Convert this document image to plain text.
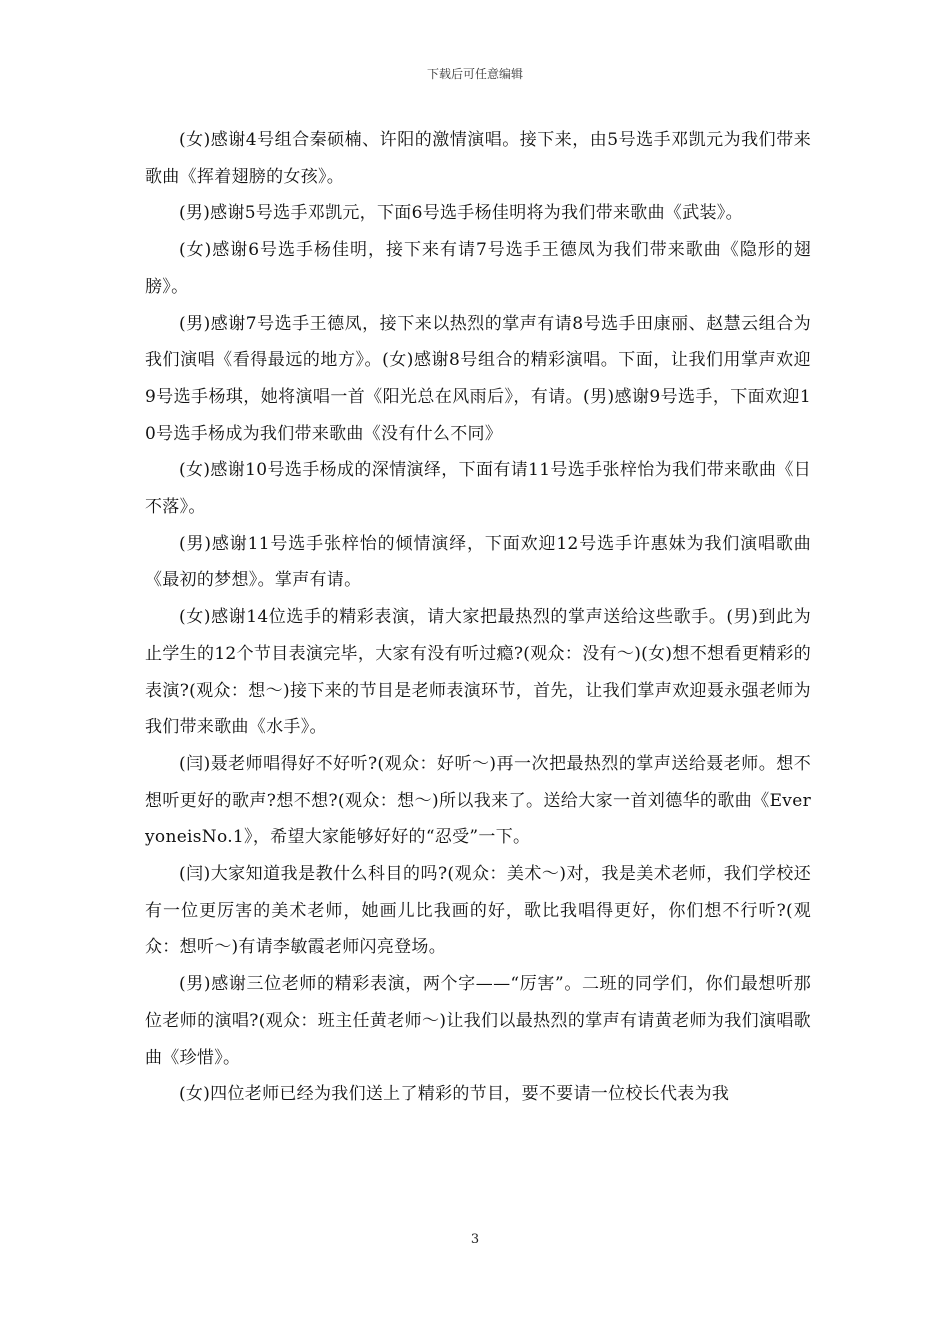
下载后可任意编辑

(女)感谢4号组合秦硕楠、许阳的激情演唱。接下来，由5号选手邓凯元为我们带来歌曲《挥着翅膀的女孩》。

(男)感谢5号选手邓凯元，下面6号选手杨佳明将为我们带来歌曲《武装》。

(女)感谢6号选手杨佳明，接下来有请7号选手王德凤为我们带来歌曲《隐形的翅膀》。

(男)感谢7号选手王德凤，接下来以热烈的掌声有请8号选手田康丽、赵慧云组合为我们演唱《看得最远的地方》。(女)感谢8号组合的精彩演唱。下面，让我们用掌声欢迎9号选手杨琪，她将演唱一首《阳光总在风雨后》，有请。(男)感谢9号选手，下面欢迎10号选手杨成为我们带来歌曲《没有什么不同》

(女)感谢10号选手杨成的深情演绎，下面有请11号选手张梓怡为我们带来歌曲《日不落》。

(男)感谢11号选手张梓怡的倾情演绎，下面欢迎12号选手许惠妹为我们演唱歌曲《最初的梦想》。掌声有请。

(女)感谢14位选手的精彩表演，请大家把最热烈的掌声送给这些歌手。(男)到此为止学生的12个节目表演完毕，大家有没有听过瘾?(观众：没有～)(女)想不想看更精彩的表演?(观众：想～)接下来的节目是老师表演环节，首先，让我们掌声欢迎聂永强老师为我们带来歌曲《水手》。

(闫)聂老师唱得好不好听?(观众：好听～)再一次把最热烈的掌声送给聂老师。想不想听更好的歌声?想不想?(观众：想～)所以我来了。送给大家一首刘德华的歌曲《EveryoneisNo.1》，希望大家能够好好的“忍受”一下。

(闫)大家知道我是教什么科目的吗?(观众：美术～)对，我是美术老师，我们学校还有一位更厉害的美术老师，她画儿比我画的好，歌比我唱得更好，你们想不行听?(观众：想听～)有请李敏霞老师闪亮登场。

(男)感谢三位老师的精彩表演，两个字——“厉害”。二班的同学们，你们最想听那位老师的演唱?(观众：班主任黄老师～)让我们以最热烈的掌声有请黄老师为我们演唱歌曲《珍惜》。

(女)四位老师已经为我们送上了精彩的节目，要不要请一位校长代表为我

3
